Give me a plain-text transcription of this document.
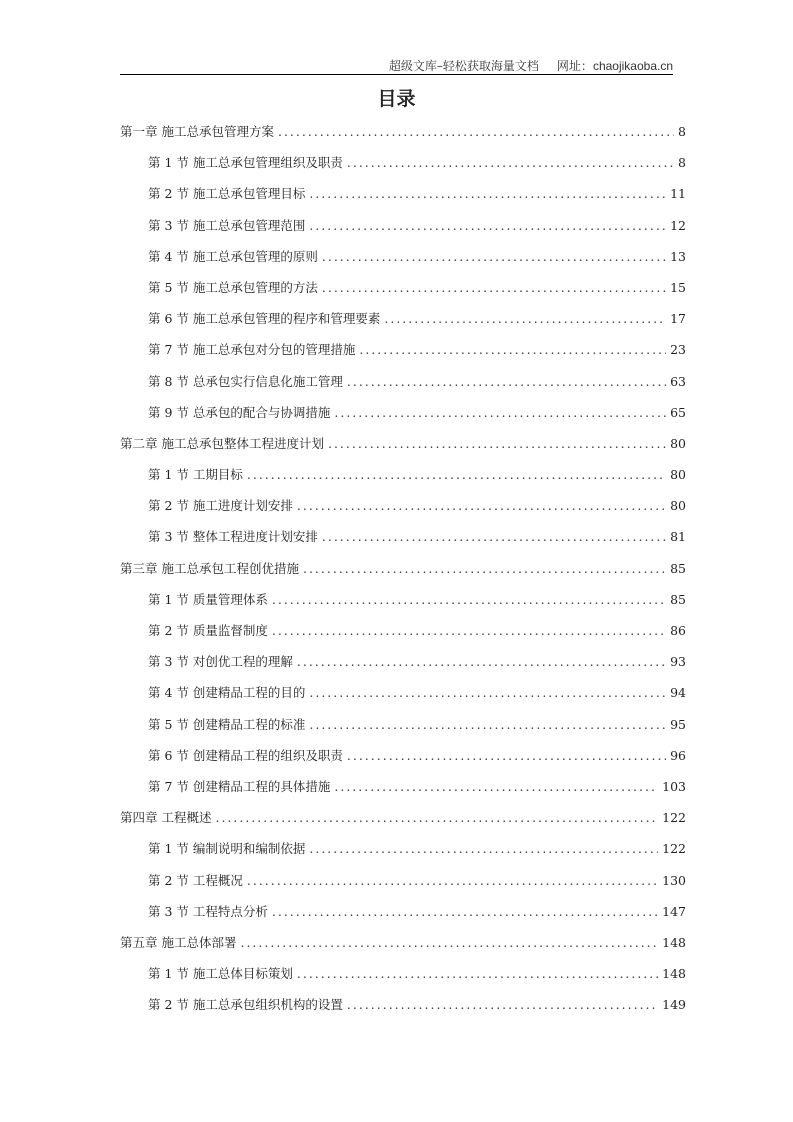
超级文库–轻松获取海量文档 网址：chaojikaoba.cn
目录
第一章 施工总承包管理方案 .....	8
第 1 节 施工总承包管理组织及职责 .....	8
第 2 节 施工总承包管理目标 .....	11
第 3 节 施工总承包管理范围 .....	12
第 4 节 施工总承包管理的原则 .....	13
第 5 节 施工总承包管理的方法 .....	15
第 6 节 施工总承包管理的程序和管理要素 .....	17
第 7 节 施工总承包对分包的管理措施 .....	23
第 8 节 总承包实行信息化施工管理 .....	63
第 9 节 总承包的配合与协调措施 .....	65
第二章 施工总承包整体工程进度计划 .....	80
第 1 节 工期目标 .....	80
第 2 节 施工进度计划安排 .....	80
第 3 节 整体工程进度计划安排 .....	81
第三章 施工总承包工程创优措施 .....	85
第 1 节 质量管理体系 .....	85
第 2 节 质量监督制度 .....	86
第 3 节 对创优工程的理解 .....	93
第 4 节 创建精品工程的目的 .....	94
第 5 节 创建精品工程的标准 .....	95
第 6 节 创建精品工程的组织及职责 .....	96
第 7 节 创建精品工程的具体措施 .....	103
第四章 工程概述 .....	122
第 1 节 编制说明和编制依据 .....	122
第 2 节 工程概况 .....	130
第 3 节 工程特点分析 .....	147
第五章 施工总体部署 .....	148
第 1 节 施工总体目标策划 .....	148
第 2 节 施工总承包组织机构的设置 .....	149
